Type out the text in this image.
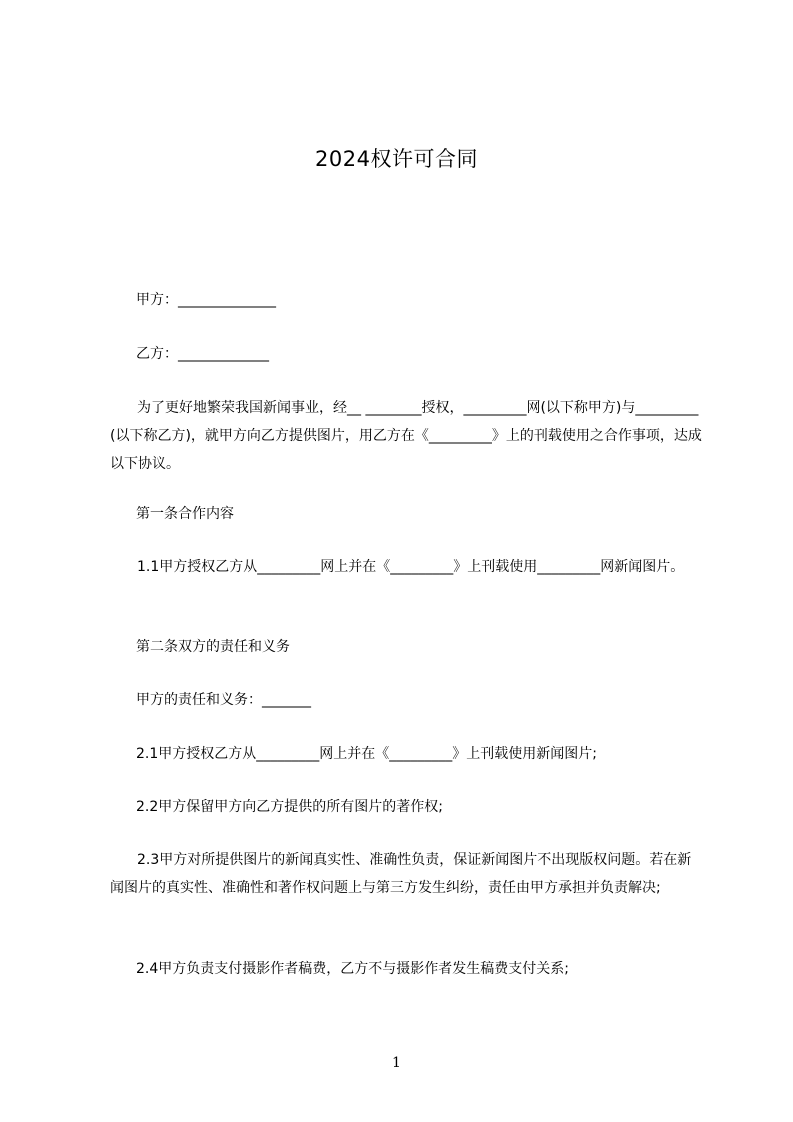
2024权许可合同
甲方：______________
乙方：_____________
为了更好地繁荣我国新闻事业，经__ ________授权，_________网(以下称甲方)与_________(以下称乙方)，就甲方向乙方提供图片，用乙方在《_________》上的刊载使用之合作事项，达成以下协议。
第一条合作内容
1.1甲方授权乙方从_________网上并在《_________》上刊载使用_________网新闻图片。
第二条双方的责任和义务
甲方的责任和义务：_______
2.1甲方授权乙方从_________网上并在《_________》上刊载使用新闻图片;
2.2甲方保留甲方向乙方提供的所有图片的著作权;
2.3甲方对所提供图片的新闻真实性、准确性负责，保证新闻图片不出现版权问题。若在新闻图片的真实性、准确性和著作权问题上与第三方发生纠纷，责任由甲方承担并负责解决;
2.4甲方负责支付摄影作者稿费，乙方不与摄影作者发生稿费支付关系;
1
